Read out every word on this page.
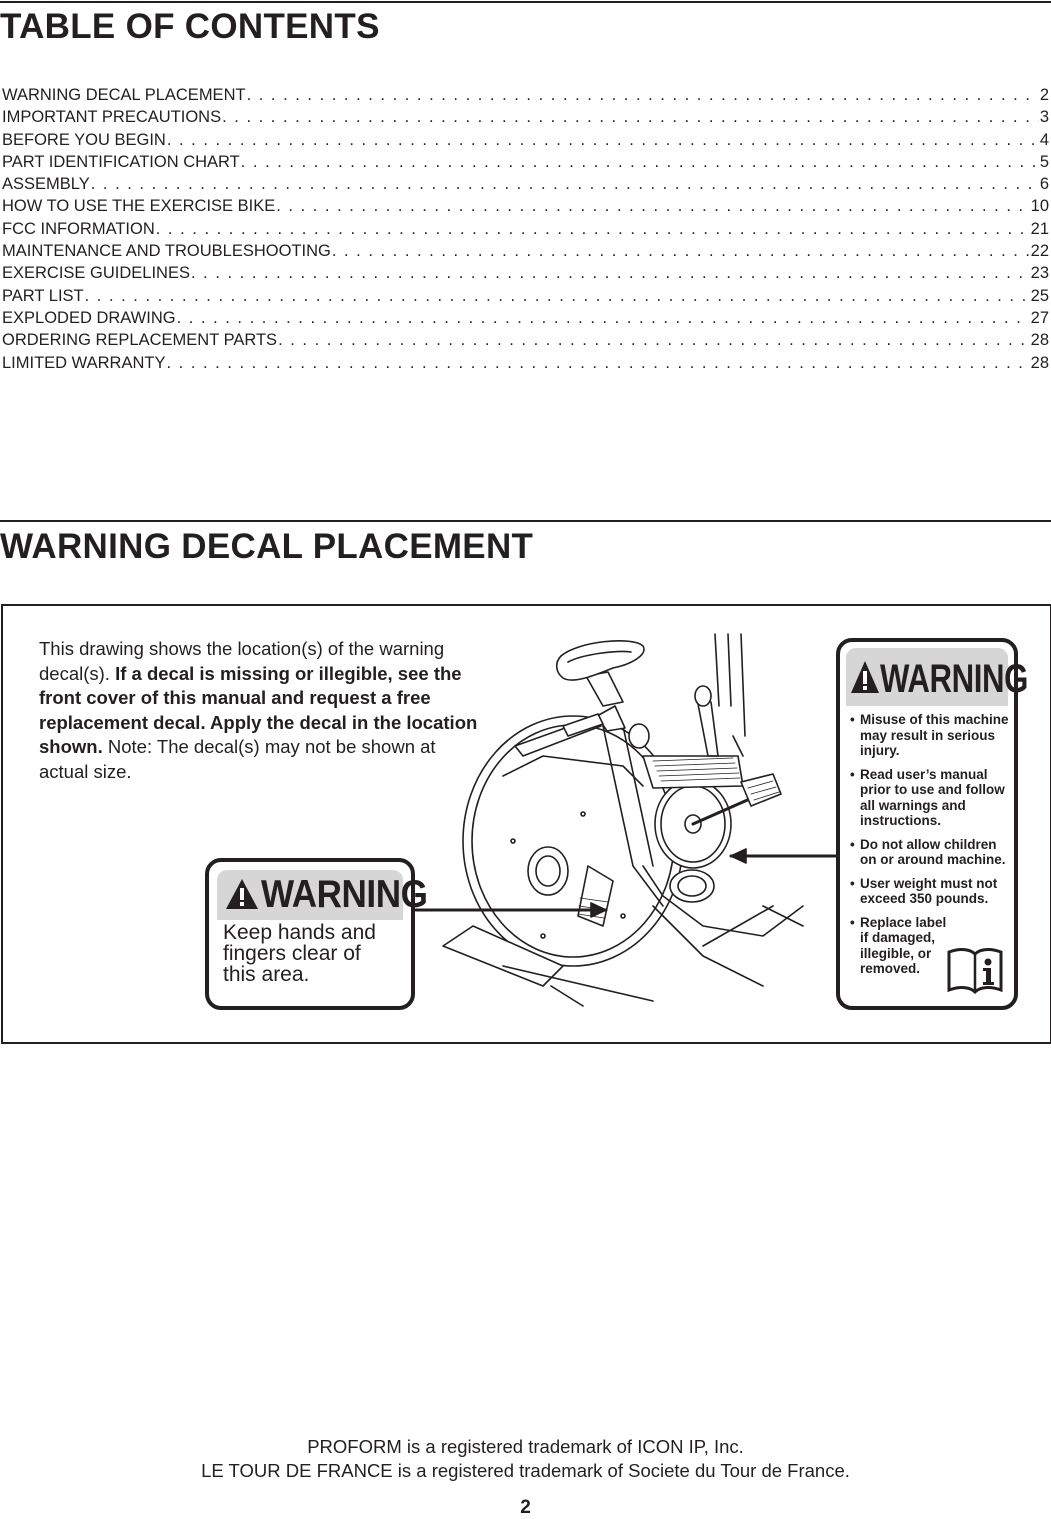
TABLE OF CONTENTS
WARNING DECAL PLACEMENT . . .	2
IMPORTANT PRECAUTIONS . . .	3
BEFORE YOU BEGIN . . .	4
PART IDENTIFICATION CHART . . .	5
ASSEMBLY . . .	6
HOW TO USE THE EXERCISE BIKE . . .	10
FCC INFORMATION . . .	21
MAINTENANCE AND TROUBLESHOOTING . . .	22
EXERCISE GUIDELINES . . .	23
PART LIST . . .	25
EXPLODED DRAWING . . .	27
ORDERING REPLACEMENT PARTS . . .	28
LIMITED WARRANTY . . .	28
WARNING DECAL PLACEMENT

This drawing shows the location(s) of the warning decal(s). If a decal is missing or illegible, see the front cover of this manual and request a free replacement decal. Apply the decal in the location shown. Note: The decal(s) may not be shown at actual size.

WARNING

Keep hands and
fingers clear of
this area.

WARNING
• Misuse of this machine may result in serious injury.
• Read user’s manual prior to use and follow all warnings and instructions.
• Do not allow children on or around machine.
• User weight must not exceed 350 pounds.
• Replace label if damaged, illegible, or removed.

PROFORM is a registered trademark of ICON IP, Inc.

LE TOUR DE FRANCE is a registered trademark of Societe du Tour de France.

2
